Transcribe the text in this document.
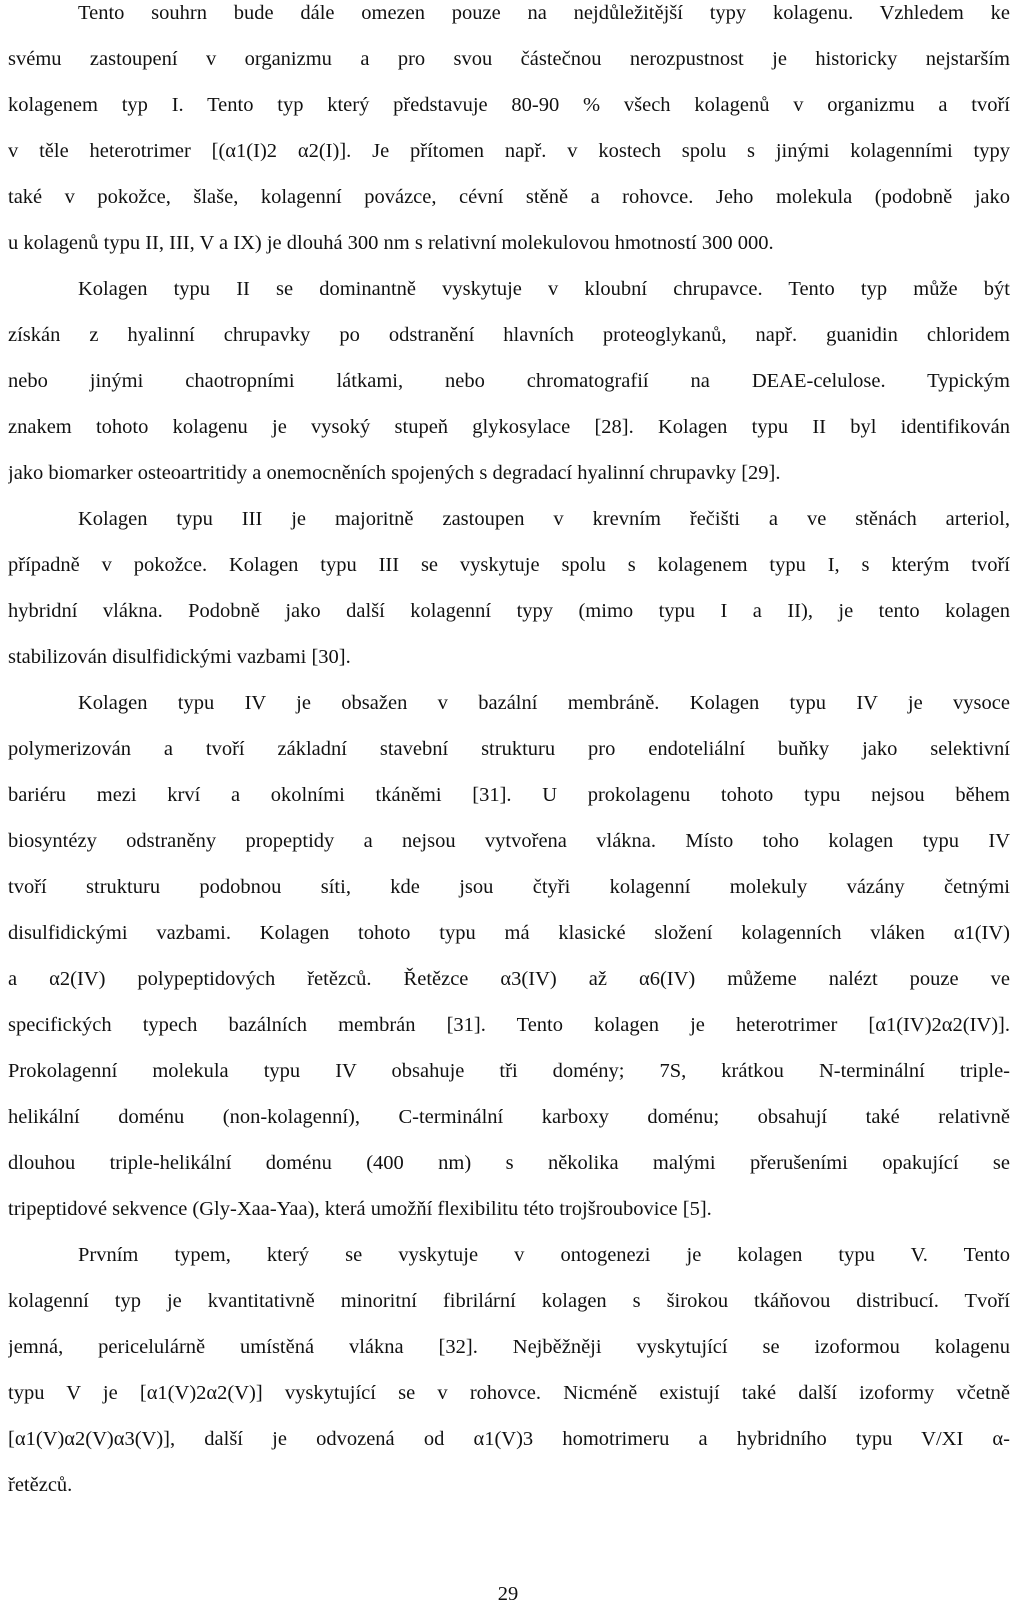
Tento souhrn bude dále omezen pouze na nejdůležitější typy kolagenu. Vzhledem ke
svému zastoupení v organizmu a pro svou částečnou nerozpustnost je historicky nejstarším
kolagenem typ I. Tento typ který představuje 80-90 % všech kolagenů v organizmu a tvoří
v těle heterotrimer [(α1(I)2 α2(I)]. Je přítomen např. v kostech spolu s jinými kolagenními typy
také v pokožce, šlaše, kolagenní povázce, cévní stěně a rohovce. Jeho molekula (podobně jako
u kolagenů typu II, III, V a IX) je dlouhá 300 nm s relativní molekulovou hmotností 300 000.
Kolagen typu II se dominantně vyskytuje v kloubní chrupavce. Tento typ může být
získán z hyalinní chrupavky po odstranění hlavních proteoglykanů, např. guanidin chloridem
nebo jinými chaotropními látkami, nebo chromatografií na DEAE-celulose. Typickým
znakem tohoto kolagenu je vysoký stupeň glykosylace [28]. Kolagen typu II byl identifikován
jako biomarker osteoartritidy a onemocněních spojených s degradací hyalinní chrupavky [29].
Kolagen typu III je majoritně zastoupen v krevním řečišti a ve stěnách arteriol,
případně v pokožce. Kolagen typu III se vyskytuje spolu s kolagenem typu I, s kterým tvoří
hybridní vlákna. Podobně jako další kolagenní typy (mimo typu I a II), je tento kolagen
stabilizován disulfidickými vazbami [30].
Kolagen typu IV je obsažen v bazální membráně. Kolagen typu IV je vysoce
polymerizován a tvoří základní stavební strukturu pro endoteliální buňky jako selektivní
bariéru mezi krví a okolními tkáněmi [31]. U prokolagenu tohoto typu nejsou během
biosyntézy odstraněny propeptidy a nejsou vytvořena vlákna. Místo toho kolagen typu IV
tvoří strukturu podobnou síti, kde jsou čtyři kolagenní molekuly vázány četnými
disulfidickými vazbami. Kolagen tohoto typu má klasické složení kolagenních vláken α1(IV)
a α2(IV) polypeptidových řetězců. Řetězce α3(IV) až α6(IV) můžeme nalézt pouze ve
specifických typech bazálních membrán [31]. Tento kolagen je heterotrimer [α1(IV)2α2(IV)].
Prokolagenní molekula typu IV obsahuje tři domény; 7S, krátkou N-terminální triple-
helikální doménu (non-kolagenní), C-terminální karboxy doménu; obsahují také relativně
dlouhou triple-helikální doménu (400 nm) s několika malými přerušeními opakující se
tripeptidové sekvence (Gly-Xaa-Yaa), která umožňí flexibilitu této trojšroubovice [5].
Prvním typem, který se vyskytuje v ontogenezi je kolagen typu V. Tento
kolagenní typ je kvantitativně minoritní fibrilární kolagen s širokou tkáňovou distribucí. Tvoří
jemná, pericelulárně umístěná vlákna [32]. Nejběžněji vyskytující se izoformou kolagenu
typu V je [α1(V)2α2(V)] vyskytující se v rohovce. Nicméně existují také další izoformy včetně
[α1(V)α2(V)α3(V)], další je odvozená od α1(V)3 homotrimeru a hybridního typu V/XI α-
řetězců.
29
